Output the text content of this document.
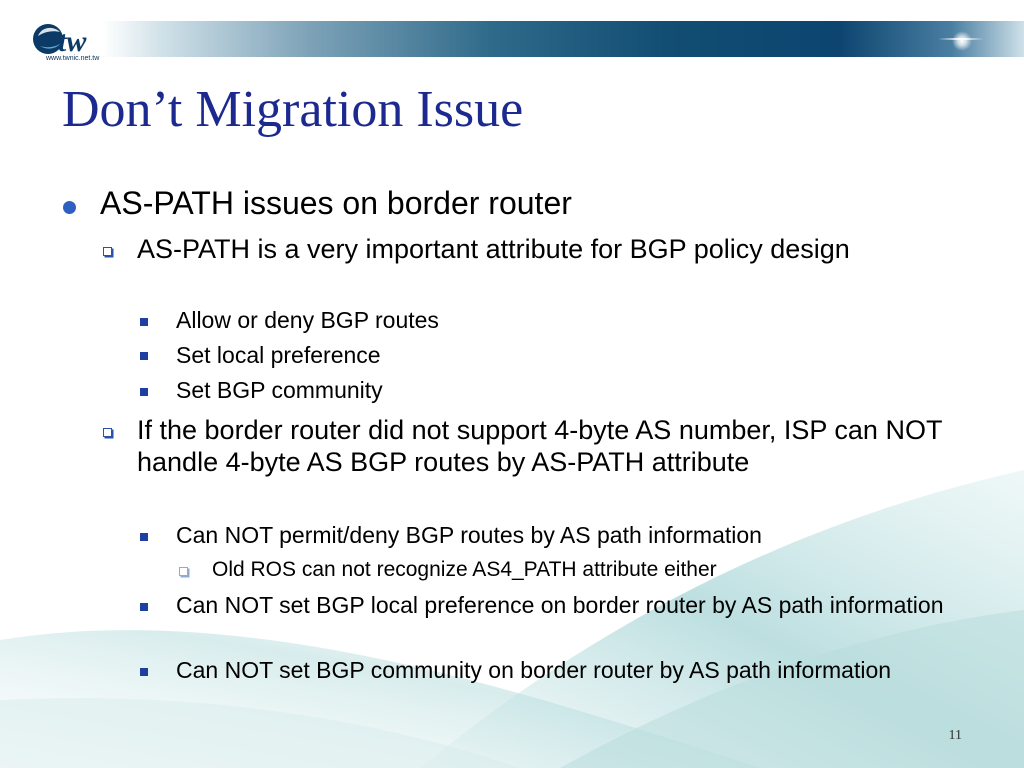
tw
www.twnic.net.tw
Don’t Migration Issue
AS-PATH issues on border router
AS-PATH is a very important attribute for BGP policy design
Allow or deny BGP routes
Set local preference
Set BGP community
If the border router did not support 4-byte AS number, ISP can NOT handle 4-byte AS BGP routes by AS-PATH attribute
Can NOT permit/deny BGP routes by AS path information
Old ROS can not recognize AS4_PATH attribute either
Can NOT set BGP local preference on border router by AS path information
Can NOT set BGP community on border router by AS path information
11
